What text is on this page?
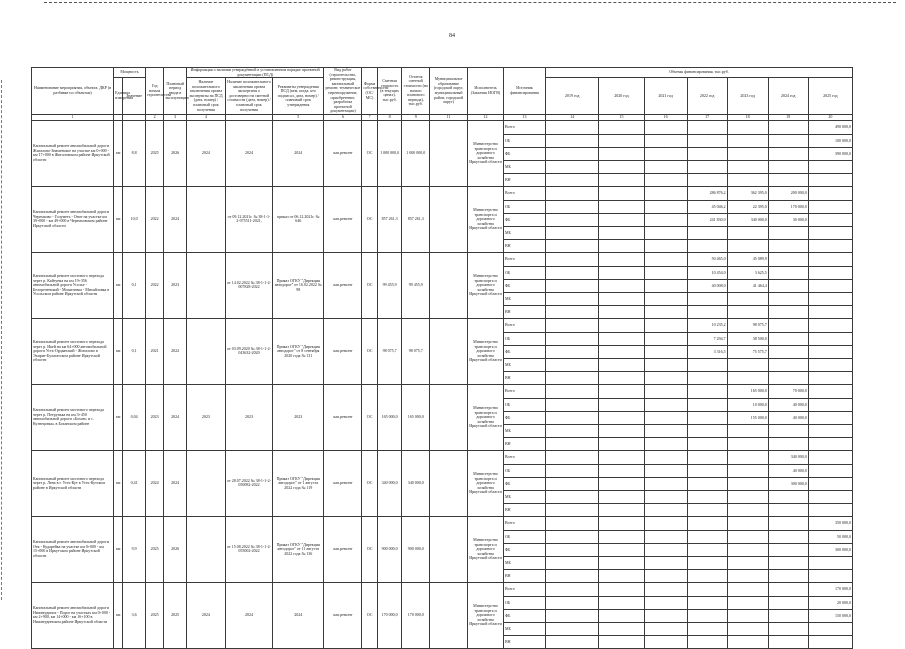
84
Наименование мероприятия, объекта, ДКР (в разбивке по объектам)	Мощность		Год начала строительства	Плановый период ввода в эксплуатацию	Информация о наличии утверждённой в установленном порядке проектной документации (ПСД)			Вид работ (строительство, реконструкция, капитальный ремонт, техническое перевооружение, приобретение, разработка проектной документации)	Форма собственности (ОС/МС)	Сметная стоимость (в текущих ценах), тыс.руб.	Остаток сметной стоимости (на начало планового периода), тыс.руб.	Муниципальное образование (городской округ, муниципальный район, городской округ)	Исполнитель (Заказчик ИОГВ)	Источник финансирования	Объемы финансирования, тыс.руб.						
	Единица измерения	Значение			Наличие положительного заключения органа экспертизы на ПСД (дата, номер) / плановый срок получения	Наличие положительного заключения органа экспертизы о достоверности сметной стоимости (дата, номер) / плановый срок получения	Реквизиты утверждения ПСД (кем, когда, кто подписал, дата, номер) / плановый срок утверждения								2019 год	2020 год	2021 год	2022 год	2023 год	2024 год	2025 год

1			2	3	4		5	6	7	8	9	11	12	13	14	15	16	17	18	19	20
Капитальный ремонт автомобильной дороги Жигалово-Знаменское на участке км 0+000 - км 17+000 в Жигаловском районе Иркутской области	км	8,8	2025	2026	2024	2024	2024	кап.ремонт	ОС	1 000 000,0	1 000 000,0		Министерство транспорта и дорожного хозяйства Иркутской области	Всего							490 000,0
														ОБ							100 000,0
														ФБ							390 000,0
														МБ							
														ВН							
Капитальный ремонт автомобильной дороги Черемхово - Голуметь - Онот на участке км 39+000 - км 49+000 в Черемховском районе Иркутской области	км	10,0	2022	2024		от 09.12.2021г. № 38-1-1-2-075511-2021,	приказ от 06.12.2021г. № 646	кап.ремонт	ОС	857 261,3	857 261,3		Министерство транспорта и дорожного хозяйства Иркутской области	Всего				286 876,2	362 395,0	200 000,0	
														ОБ				45 046,2	22 395,0	170 000,0	
														ФБ				241 830,0	340 000,0	30 000,0	
														МБ							
														ВН							
Капитальный ремонт мостового перехода через р. Кайтунка на км 19+356 автомобильной дороги Усолье - Белореченский - Мишелевка - Михайловка в Усольском районе Иркутской области	км	0,1	2022	2023		от 14.02.2022 № 38-1-1-2-007828-2022	Приказ ОГКУ "Дирекция автодорог" от 16.02.2022 № 98	кап.ремонт	ОС	99 455,9	99 455,9		Министерство транспорта и дорожного хозяйства Иркутской области	Всего				50 465,0	45 089,9		
														ОБ				10 454,0	3 625,5		
														ФБ				40 008,0	41 464,4		
														МБ							
														ВН							
Капитальный ремонт мостового перехода через р. Икей на км 64+000 автомобильной дороги Усть-Ордынский - Жигалово в Эхирит-Булагатском районе Иркутской области	км	0,1	2021	2022		от 03.09.2020 № 38-1-1-2-043632-2020	Приказ ОГКУ "Дирекция автодорог" от 8 сентября 2020 года № 131	кап.ремонт	ОС	98 075,7	98 075,7		Министерство транспорта и дорожного хозяйства Иркутской области	Всего				10 235,2	98 075,7		
														ОБ				7 294,7	38 500,0		
														ФБ				3 316,5	75 575,7		
														МБ							
														ВН							
Капитальный ремонт мостового перехода через р. Петрунька на км 3+450 автомобильной дороги «Бохан» и с. Кузнецовка» в Боханском районе	км	0,04	2023	2024	2023	2023	2023	кап.ремонт	ОС	165 000,0	165 000,0		Министерство транспорта и дорожного хозяйства Иркутской области	Всего					165 000,0	70 000,0	
														ОБ					10 000,0	40 000,0	
														ФБ					155 000,0	40 000,0	
														МБ							
														ВН							
Капитальный ремонт мостового перехода через р. Лена в г. Усть-Кут в Усть-Кутском районе в Иркутской области	км	0,41	2024	2024		от 28.07.2022 № 38-1-1-2-050082-2022	Приказ ОГКУ "Дирекция автодорог" от 1 августа 2022 года № 119	кап.ремонт	ОС	340 000,0	340 000,0		Министерство транспорта и дорожного хозяйства Иркутской области	Всего						340 000,0	
														ОБ						40 000,0	
														ФБ						300 000,0	
														МБ							
														ВН							
Капитальный ремонт автомобильной дороги Оек - Кударейка на участке км 0+000 - км 15+000 в Иркутском районе Иркутской области	км	9,9	2025	2026		от 15.08.2022 № 38-1-1-2-055002-2022	Приказ ОГКУ "Дирекция автодорог" от 11 августа 2022 года № 136	кап.ремонт	ОС	900 000,0	900 000,0		Министерство транспорта и дорожного хозяйства Иркутской области	Всего							350 000,0
														ОБ							50 000,0
														ФБ							300 000,0
														МБ							
														ВН							
Капитальный ремонт автомобильной дороги Нижнеудинск - Порог на участках км 0+000 - км 2+900, км 14+000 - км 16+100 в Нижнеудинском районе Иркутской области	км	3,6	2025	2025	2024	2024	2024	кап.ремонт	ОС	170 000,0	170 000,0		Министерство транспорта и дорожного хозяйства Иркутской области	Всего							170 000,0
														ОБ							20 000,0
														ФБ							150 000,0
														МБ							
														ВН							
